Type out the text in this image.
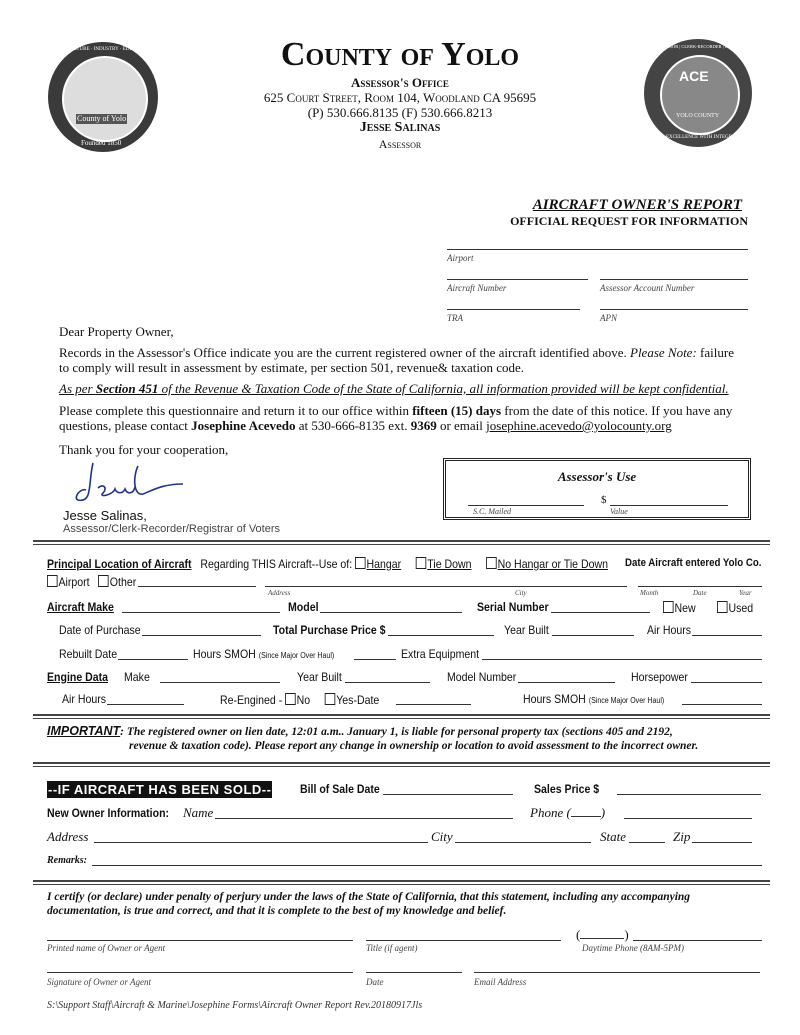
AGRICULTURE · INDUSTRY · EDUCATION
County of Yolo
Founded 1850
ACE
YOLO COUNTY
ASSESSOR | CLERK-RECORDER | ELECTIONS
EXCELLENCE WITH INTEGRITY
County of Yolo
Assessor's Office
625 Court Street, Room 104, Woodland CA 95695
(P) 530.666.8135 (F) 530.666.8213
Jesse Salinas
Assessor
AIRCRAFT OWNER'S REPORT
OFFICIAL REQUEST FOR INFORMATION
Airport
Aircraft Number	Assessor Account Number
TRA	APN
Dear Property Owner,
Records in the Assessor's Office indicate you are the current registered owner of the aircraft identified above. Please Note: failure
to comply will result in assessment by estimate, per section 501, revenue& taxation code.
As per Section 451 of the Revenue & Taxation Code of the State of California, all information provided will be kept confidential.
Please complete this questionnaire and return it to our office within fifteen (15) days from the date of this notice. If you have any
questions, please contact Josephine Acevedo at 530-666-8135 ext. 9369 or email josephine.acevedo@yolocounty.org
Thank you for your cooperation,
Jesse Salinas,
Assessor/Clerk-Recorder/Registrar of Voters
Assessor's Use
$
S.C. Mailed	Value
Principal Location of Aircraft Regarding THIS Aircraft--Use of: Hangar Tie Down No Hangar or Tie Down Date Aircraft entered Yolo Co.
Airport Other
Address	City	Month	Date	Year
Aircraft Make	Model	Serial Number	New	Used
Date of Purchase	Total Purchase Price $	Year Built	Air Hours
Rebuilt Date	Hours SMOH (Since Major Over Haul)	Extra Equipment
Engine Data Make	Year Built	Model Number	Horsepower
Air Hours	Re-Engined - No Yes-Date	Hours SMOH (Since Major Over Haul)
IMPORTANT: The registered owner on lien date, 12:01 a.m.. January 1, is liable for personal property tax (sections 405 and 2192,
revenue & taxation code). Please report any change in ownership or location to avoid assessment to the incorrect owner.
--IF AIRCRAFT HAS BEEN SOLD-- Bill of Sale Date	Sales Price $
New Owner Information: Name	Phone ( )
Address	City	State	Zip
Remarks:
I certify (or declare) under penalty of perjury under the laws of the State of California, that this statement, including any accompanying
documentation, is true and correct, and that it is complete to the best of my knowledge and belief.
(	)
Printed name of Owner or Agent	Title (if agent)	Daytime Phone (8AM-5PM)
Signature of Owner or Agent	Date	Email Address
S:\Support Staff\Aircraft & Marine\Josephine Forms\Aircraft Owner Report Rev.20180917Jls
